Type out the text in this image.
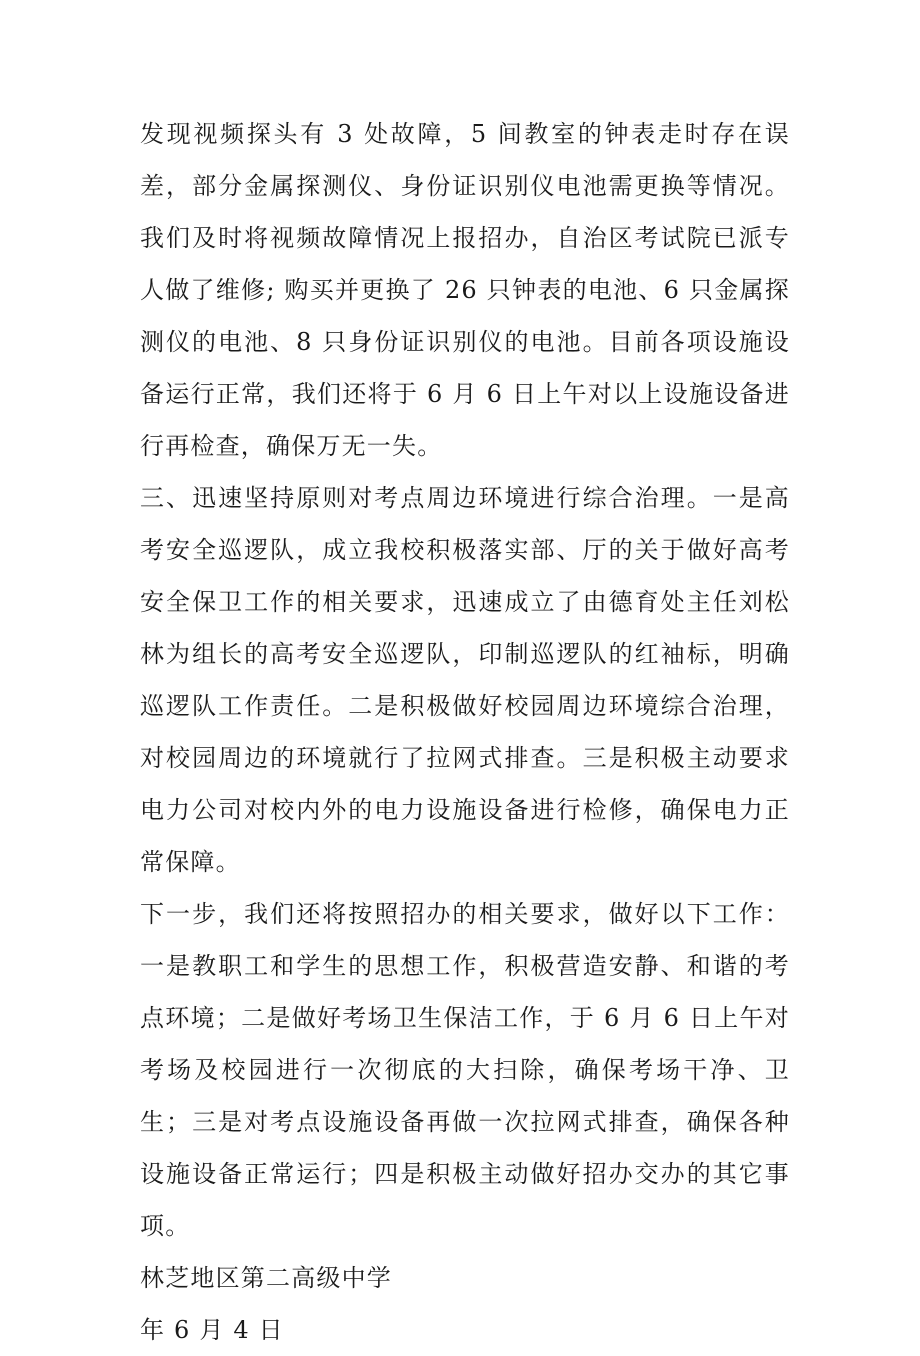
发现视频探头有 3 处故障，5 间教室的钟表走时存在误差，部分金属探测仪、身份证识别仪电池需更换等情况。我们及时将视频故障情况上报招办，自治区考试院已派专人做了维修; 购买并更换了 26 只钟表的电池、6 只金属探测仪的电池、8 只身份证识别仪的电池。目前各项设施设备运行正常，我们还将于 6 月 6 日上午对以上设施设备进行再检查，确保万无一失。

三、迅速坚持原则对考点周边环境进行综合治理。一是高考安全巡逻队，成立我校积极落实部、厅的关于做好高考安全保卫工作的相关要求，迅速成立了由德育处主任刘松林为组长的高考安全巡逻队，印制巡逻队的红袖标，明确巡逻队工作责任。二是积极做好校园周边环境综合治理，对校园周边的环境就行了拉网式排查。三是积极主动要求电力公司对校内外的电力设施设备进行检修，确保电力正常保障。

下一步，我们还将按照招办的相关要求，做好以下工作：一是教职工和学生的思想工作，积极营造安静、和谐的考点环境；二是做好考场卫生保洁工作，于 6 月 6 日上午对考场及校园进行一次彻底的大扫除，确保考场干净、卫生；三是对考点设施设备再做一次拉网式排查，确保各种设施设备正常运行；四是积极主动做好招办交办的其它事项。

林芝地区第二高级中学

年 6 月 4 日
